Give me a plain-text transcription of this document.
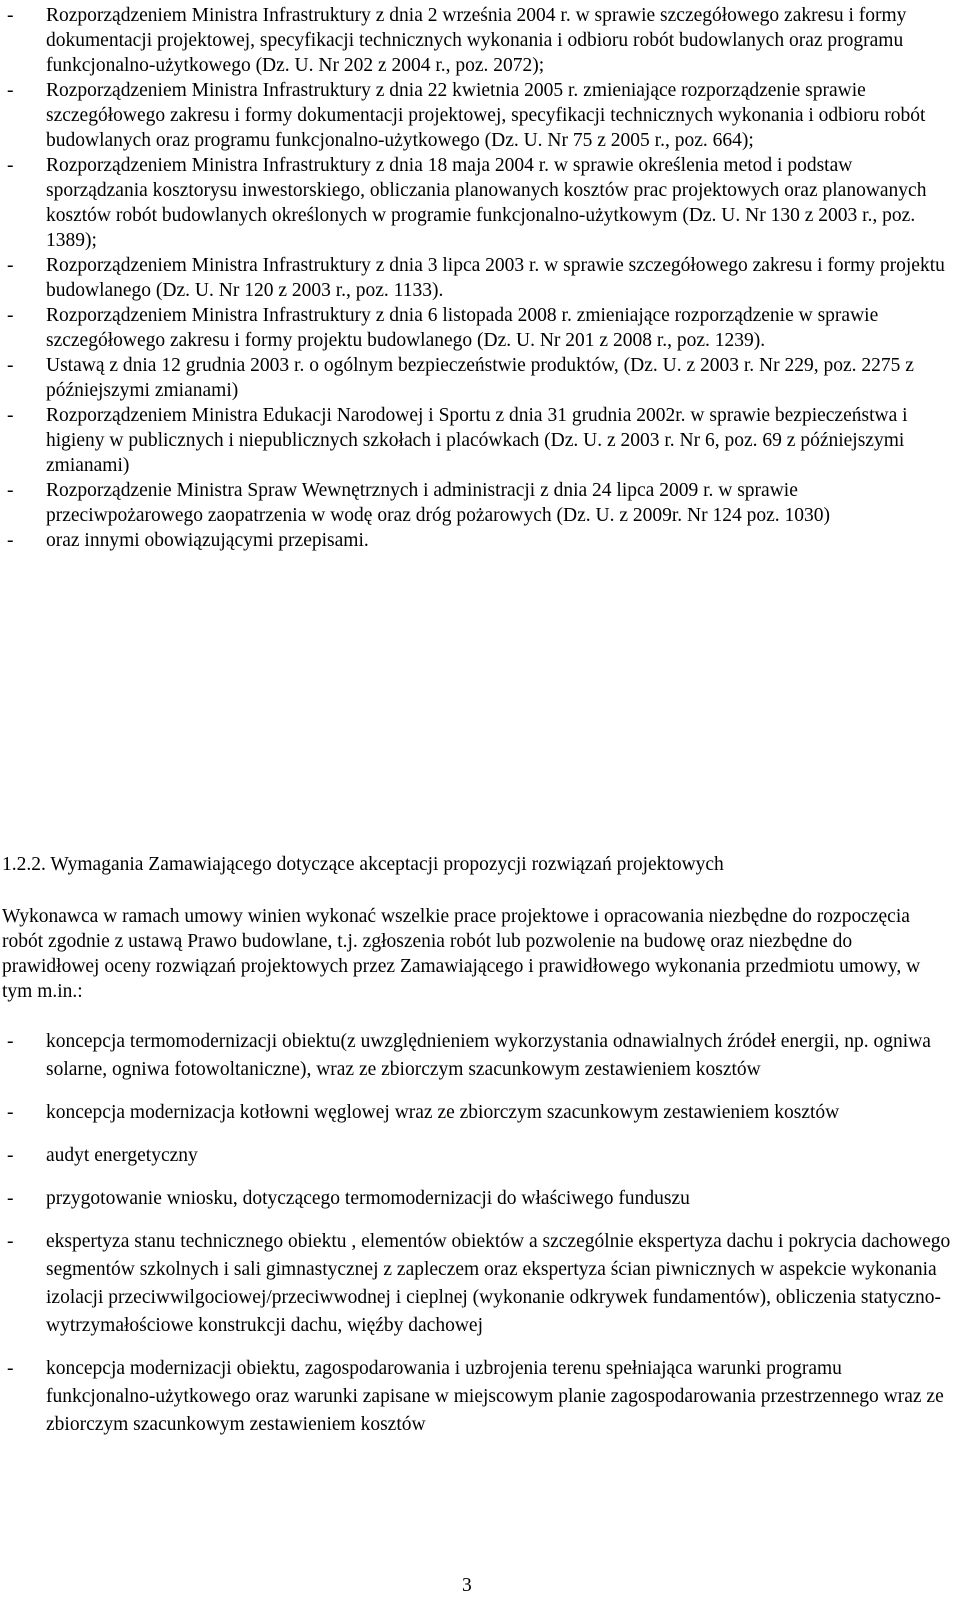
- Rozporządzeniem Ministra Infrastruktury z dnia 2 września 2004 r. w sprawie szczegółowego zakresu i formy dokumentacji projektowej, specyfikacji technicznych wykonania i odbioru robót budowlanych oraz programu funkcjonalno-użytkowego (Dz. U. Nr 202 z 2004 r., poz. 2072);
- Rozporządzeniem Ministra Infrastruktury z dnia 22 kwietnia 2005 r. zmieniające rozporządzenie sprawie szczegółowego zakresu i formy dokumentacji projektowej, specyfikacji technicznych wykonania i odbioru robót budowlanych oraz programu funkcjonalno-użytkowego (Dz. U. Nr 75 z 2005 r., poz. 664);
- Rozporządzeniem Ministra Infrastruktury z dnia 18 maja 2004 r. w sprawie określenia metod i podstaw sporządzania kosztorysu inwestorskiego, obliczania planowanych kosztów prac projektowych oraz planowanych kosztów robót budowlanych określonych w programie funkcjonalno-użytkowym (Dz. U. Nr 130 z 2003 r., poz. 1389);
- Rozporządzeniem Ministra Infrastruktury z dnia 3 lipca 2003 r. w sprawie szczegółowego zakresu i formy projektu budowlanego (Dz. U. Nr 120 z 2003 r., poz. 1133).
- Rozporządzeniem Ministra Infrastruktury z dnia 6 listopada 2008 r. zmieniające rozporządzenie w sprawie szczegółowego zakresu i formy projektu budowlanego (Dz. U. Nr 201 z 2008 r., poz. 1239).
- Ustawą z dnia 12 grudnia 2003 r. o ogólnym bezpieczeństwie produktów, (Dz. U. z 2003 r. Nr 229, poz. 2275 z późniejszymi zmianami)
- Rozporządzeniem Ministra Edukacji Narodowej i Sportu z dnia 31 grudnia 2002r. w sprawie bezpieczeństwa i higieny w publicznych i niepublicznych szkołach i placówkach (Dz. U. z 2003 r. Nr 6, poz. 69 z późniejszymi zmianami)
- Rozporządzenie Ministra Spraw Wewnętrznych i administracji z dnia 24 lipca 2009 r. w sprawie przeciwpożarowego zaopatrzenia w wodę oraz dróg pożarowych (Dz. U. z 2009r. Nr 124 poz. 1030)
- oraz innymi obowiązującymi przepisami.

1.2.2. Wymagania Zamawiającego dotyczące akceptacji propozycji rozwiązań projektowych

Wykonawca w ramach umowy winien wykonać wszelkie prace projektowe i opracowania niezbędne do rozpoczęcia robót zgodnie z ustawą Prawo budowlane, t.j. zgłoszenia robót lub pozwolenie na budowę oraz niezbędne do prawidłowej oceny rozwiązań projektowych przez Zamawiającego i prawidłowego wykonania przedmiotu umowy, w tym m.in.:

- koncepcja termomodernizacji obiektu(z uwzględnieniem wykorzystania odnawialnych źródeł energii, np. ogniwa solarne, ogniwa fotowoltaniczne), wraz ze zbiorczym szacunkowym zestawieniem kosztów
- koncepcja modernizacja kotłowni węglowej wraz ze zbiorczym szacunkowym zestawieniem kosztów
- audyt energetyczny
- przygotowanie wniosku, dotyczącego termomodernizacji do właściwego funduszu
- ekspertyza stanu technicznego obiektu , elementów obiektów a szczególnie ekspertyza dachu i pokrycia dachowego segmentów szkolnych i sali gimnastycznej z zapleczem oraz ekspertyza ścian piwnicznych w aspekcie wykonania izolacji przeciwwilgociowej/przeciwwodnej i cieplnej (wykonanie odkrywek fundamentów), obliczenia statyczno-wytrzymałościowe konstrukcji dachu, więźby dachowej
- koncepcja modernizacji obiektu, zagospodarowania i uzbrojenia terenu spełniająca warunki programu funkcjonalno-użytkowego oraz warunki zapisane w miejscowym planie zagospodarowania przestrzennego wraz ze zbiorczym szacunkowym zestawieniem kosztów

3
